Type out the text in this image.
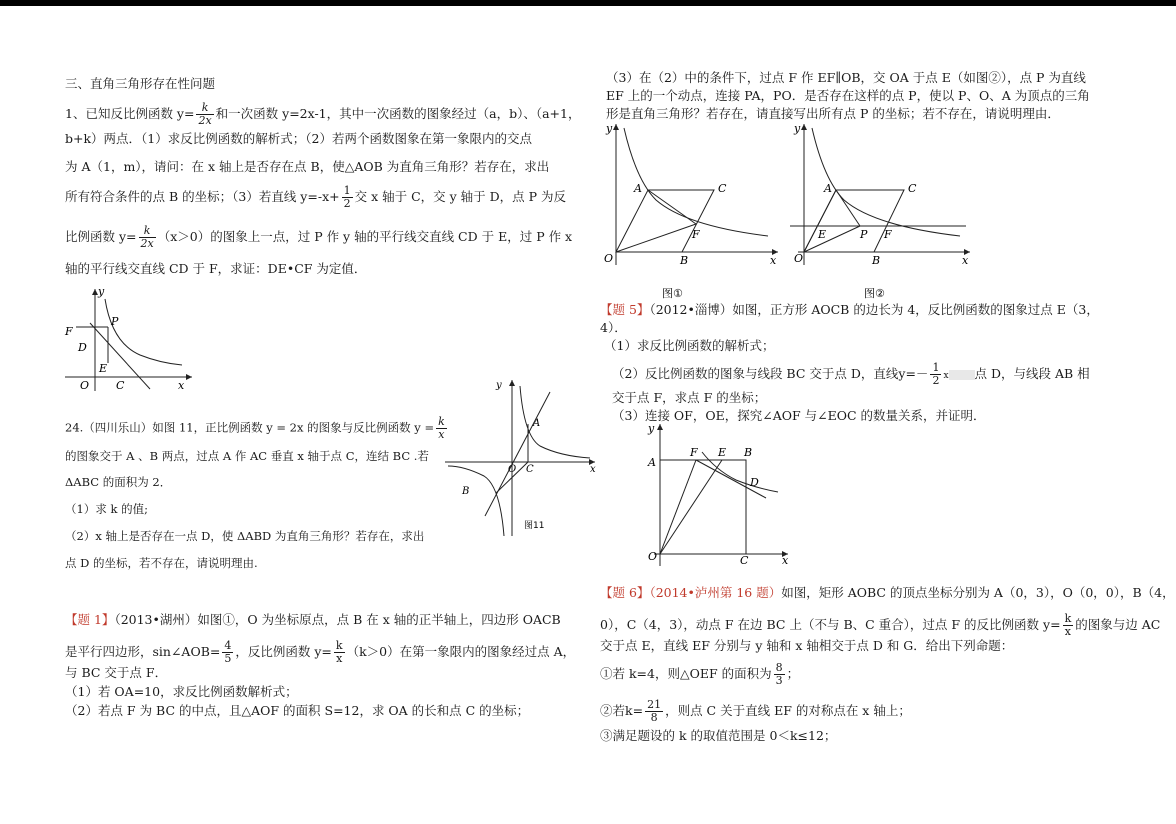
三、直角三角形存在性问题
1、已知反比例函数 $y= \frac{k}{2x}$ 和一次函数 y=2x-1，其中一次函数的图象经过（a，b）、（a+1，
b+k）两点．（1）求反比例函数的解析式；（2）若两个函数图象在第一象限内的交点
为 A（1，m），请问：在 x 轴上是否存在点 B，使△AOB 为直角三角形？若存在，求出
所有符合条件的点 B 的坐标；（3）若直线 $y=-x+ \frac{1}{2}$ 交 x 轴于 C，交 y 轴于 D，点 P 为反
比例函数 $y= \frac{k}{2x} (x>0)$的图象上一点，过 P 作 y 轴的平行线交直线 CD 于 E，过 P 作 x
轴的平行线交直线 CD 于 F，求证：DE•CF 为定值．
y
F
P
D
E
O C	x
24.（四川乐山）如图 11，正比例函数 y = 2x 的图象与反比例函数 $y = \frac{k}{x}$
的图象交于 A 、B 两点，过点 A 作 AC 垂直 x 轴于点 C，连结 BC .若
ΔABC 的面积为 2．
（1）求 k 的值;
（2）x 轴上是否存在一点 D，使 ΔABD 为直角三角形？若存在，求出
点 D 的坐标，若不存在，请说明理由.
y
A
O C	x
B
图11
【题 1】（2013•湖州）如图①，O 为坐标原点，点 B 在 x 轴的正半轴上，四边形 OACB
是平行四边形，sin∠AOB= $\frac{4}{5}$ ，反比例函数 $y= \frac{k}{x} (k>0)$在第一象限内的图象经过点 A，
与 BC 交于点 F．
（1）若 OA=10，求反比例函数解析式；
（2）若点 F 为 BC 的中点，且△AOF 的面积 S=12，求 OA 的长和点 C 的坐标；
（3）在（2）中的条件下，过点 F 作 EF∥OB，交 OA 于点 E（如图②），点 P 为直线
EF 上的一个动点，连接 PA，PO．是否存在这样的点 P，使以 P、O、A 为顶点的三角
形是直角三角形？若存在，请直接写出所有点 P 的坐标；若不存在，请说明理由．
y
A	C
F
O	B	x
图①
y
A	C
E	P F
O	B	x
图②
【题 5】（2012•淄博）如图，正方形 AOCB 的边长为 4，反比例函数的图象过点 E（3，
4）．
（1）求反比例函数的解析式；
（2）反比例函数的图象与线段 BC 交于点 D，直线$y=- \frac{1}{2}$ x 点 D，与线段 AB 相
交于点 F，求点 F 的坐标；
（3）连接 OF，OE，探究∠AOF 与∠EOC 的数量关系，并证明．
y
A
F E B
D
O	C	x
【题 6】（2014•泸州第 16 题）如图，矩形 AOBC 的顶点坐标分别为 A（0，3），O（0，0），B（4，
0），C（4，3），动点 F 在边 BC 上（不与 B、C 重合），过点 F 的反比例函数 $y= \frac{k}{x}$ 的图象与边 AC
交于点 E，直线 EF 分别与 y 轴和 x 轴相交于点 D 和 G．给出下列命题：
①若 k=4，则△OEF 的面积为 $\frac{8}{3}$ ；
②若$k= \frac{21}{8}$ ，则点 C 关于直线 EF 的对称点在 x 轴上；
③满足题设的 k 的取值范围是 0＜k≤12；
